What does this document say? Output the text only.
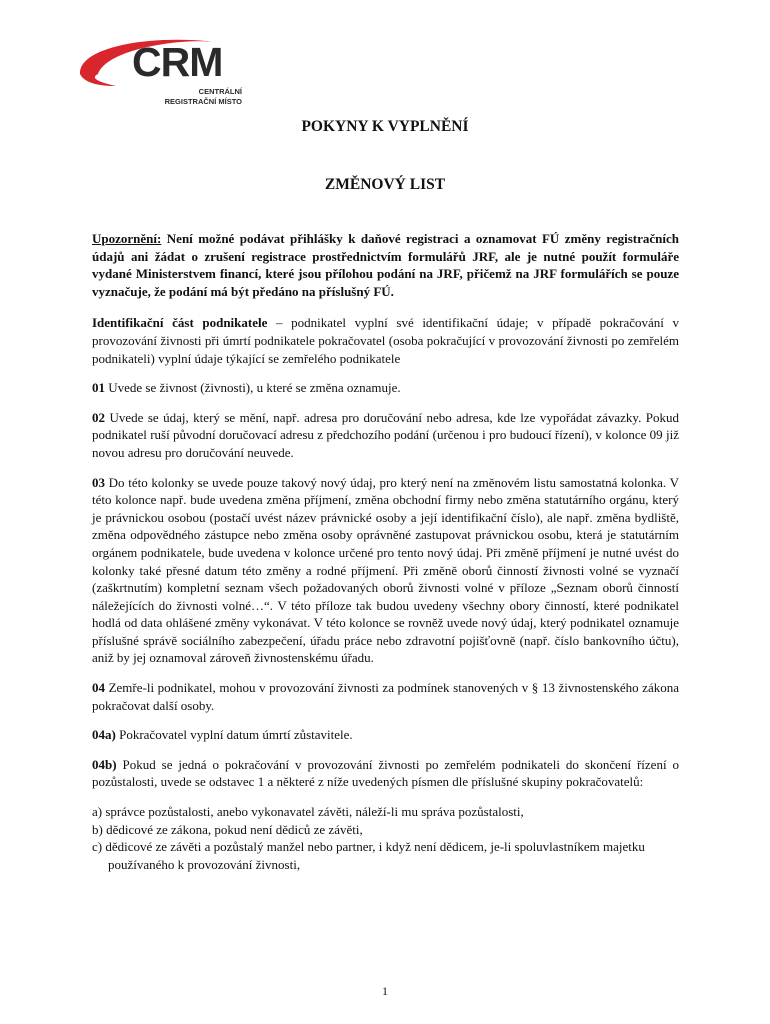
CRM
CENTRÁLNÍ
REGISTRAČNÍ MÍSTO
POKYNY K VYPLNĚNÍ
ZMĚNOVÝ LIST

Upozornění: Není možné podávat přihlášky k daňové registraci a oznamovat FÚ změny registračních údajů ani žádat o zrušení registrace prostřednictvím formulářů JRF, ale je nutné použít formuláře vydané Ministerstvem financí, které jsou přílohou podání na JRF, přičemž na JRF formulářích se pouze vyznačuje, že podání má být předáno na příslušný FÚ.

Identifikační část podnikatele – podnikatel vyplní své identifikační údaje; v případě pokračování v provozování živnosti při úmrtí podnikatele pokračovatel (osoba pokračující v provozování živnosti po zemřelém podnikateli) vyplní údaje týkající se zemřelého podnikatele

01 Uvede se živnost (živnosti), u které se změna oznamuje.

02 Uvede se údaj, který se mění, např. adresa pro doručování nebo adresa, kde lze vypořádat závazky. Pokud podnikatel ruší původní doručovací adresu z předchozího podání (určenou i pro budoucí řízení), v kolonce 09 již novou adresu pro doručování neuvede.

03 Do této kolonky se uvede pouze takový nový údaj, pro který není na změnovém listu samostatná kolonka. V této kolonce např. bude uvedena změna příjmení, změna obchodní firmy nebo změna statutárního orgánu, který je právnickou osobou (postačí uvést název právnické osoby a její identifikační číslo), ale např. změna bydliště, změna odpovědného zástupce nebo změna osoby oprávněné zastupovat právnickou osobu, která je statutárním orgánem podnikatele, bude uvedena v kolonce určené pro tento nový údaj. Při změně příjmení je nutné uvést do kolonky také přesné datum této změny a rodné příjmení. Při změně oborů činností živnosti volné se vyznačí (zaškrtnutím) kompletní seznam všech požadovaných oborů živnosti volné v příloze „Seznam oborů činností náležejících do živnosti volné…“. V této příloze tak budou uvedeny všechny obory činností, které podnikatel hodlá od data ohlášené změny vykonávat. V této kolonce se rovněž uvede nový údaj, který podnikatel oznamuje příslušné správě sociálního zabezpečení, úřadu práce nebo zdravotní pojišťovně (např. číslo bankovního účtu), aniž by jej oznamoval zároveň živnostenskému úřadu.

04 Zemře-li podnikatel, mohou v provozování živnosti za podmínek stanovených v § 13 živnostenského zákona pokračovat další osoby.

04a) Pokračovatel vyplní datum úmrtí zůstavitele.

04b) Pokud se jedná o pokračování v provozování živnosti po zemřelém podnikateli do skončení řízení o pozůstalosti, uvede se odstavec 1 a některé z níže uvedených písmen dle příslušné skupiny pokračovatelů:

a) správce pozůstalosti, anebo vykonavatel závěti, náleží-li mu správa pozůstalosti,
b) dědicové ze zákona, pokud není dědiců ze závěti,
c) dědicové ze závěti a pozůstalý manžel nebo partner, i když není dědicem, je-li spoluvlastníkem majetku používaného k provozování živnosti,
1
